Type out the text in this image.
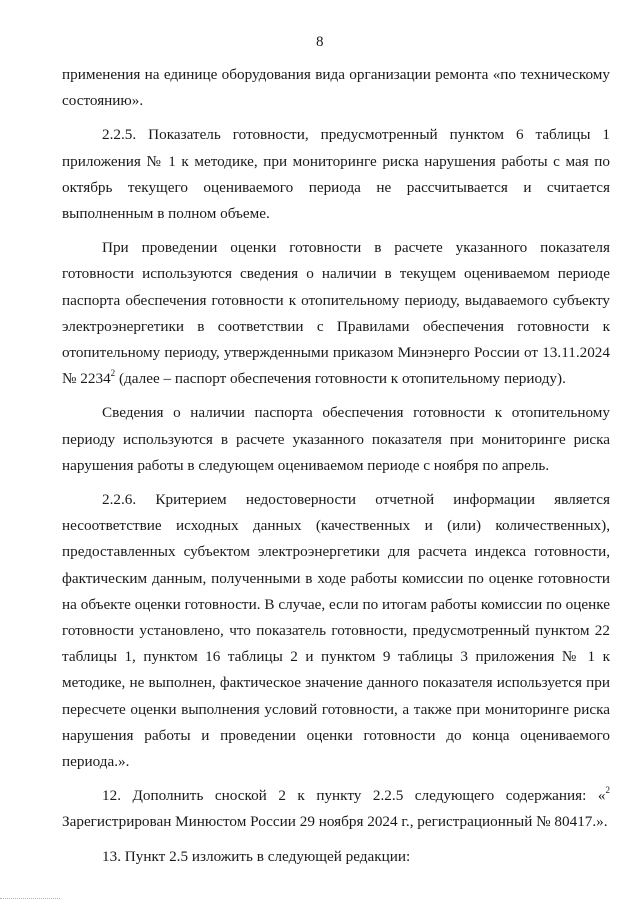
8

применения на единице оборудования вида организации ремонта «по техническому состоянию».

2.2.5. Показатель готовности, предусмотренный пунктом 6 таблицы 1 приложения № 1 к методике, при мониторинге риска нарушения работы с мая по октябрь текущего оцениваемого периода не рассчитывается и считается выполненным в полном объеме.

При проведении оценки готовности в расчете указанного показателя готовности используются сведения о наличии в текущем оцениваемом периоде паспорта обеспечения готовности к отопительному периоду, выдаваемого субъекту электроэнергетики в соответствии с Правилами обеспечения готовности к отопительному периоду, утвержденными приказом Минэнерго России от 13.11.2024 № 2234$^2$ (далее – паспорт обеспечения готовности к отопительному периоду).

Сведения о наличии паспорта обеспечения готовности к отопительному периоду используются в расчете указанного показателя при мониторинге риска нарушения работы в следующем оцениваемом периоде с ноября по апрель.

2.2.6. Критерием недостоверности отчетной информации является несоответствие исходных данных (качественных и (или) количественных), предоставленных субъектом электроэнергетики для расчета индекса готовности, фактическим данным, полученными в ходе работы комиссии по оценке готовности на объекте оценки готовности. В случае, если по итогам работы комиссии по оценке готовности установлено, что показатель готовности, предусмотренный пунктом 22 таблицы 1, пунктом 16 таблицы 2 и пунктом 9 таблицы 3 приложения № 1 к методике, не выполнен, фактическое значение данного показателя используется при пересчете оценки выполнения условий готовности, а также при мониторинге риска нарушения работы и проведении оценки готовности до конца оцениваемого периода.».

12. Дополнить сноской 2 к пункту 2.2.5 следующего содержания: «$^2$ Зарегистрирован Минюстом России 29 ноября 2024 г., регистрационный № 80417.».

13. Пункт 2.5 изложить в следующей редакции:
